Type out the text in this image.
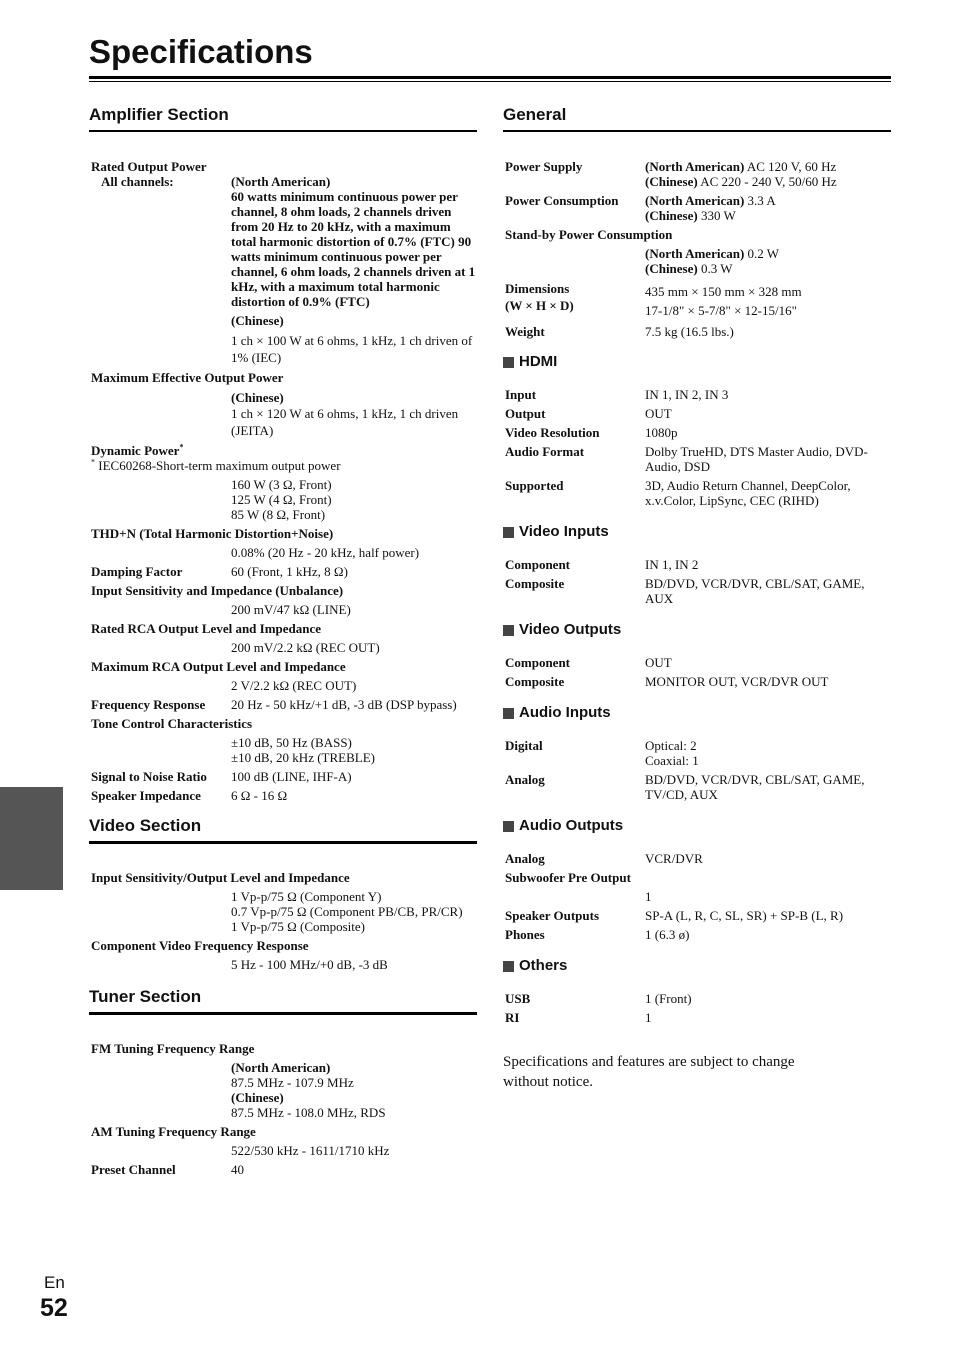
Specifications
Amplifier Section
Rated Output Power
All channels:	(North American)
60 watts minimum continuous power per channel, 8 ohm loads, 2 channels driven from 20 Hz to 20 kHz, with a maximum total harmonic distortion of 0.7% (FTC) 90 watts minimum continuous power per channel, 6 ohm loads, 2 channels driven at 1 kHz, with a maximum total harmonic distortion of 0.9% (FTC)
(Chinese)
1 ch × 100 W at 6 ohms, 1 kHz, 1 ch driven of 1% (IEC)
Maximum Effective Output Power
(Chinese)
1 ch × 120 W at 6 ohms, 1 kHz, 1 ch driven (JEITA)
Dynamic Power*
* IEC60268-Short-term maximum output power
160 W (3 Ω, Front)
125 W (4 Ω, Front)
85 W (8 Ω, Front)
THD+N (Total Harmonic Distortion+Noise)
0.08% (20 Hz - 20 kHz, half power)
Damping Factor	60 (Front, 1 kHz, 8 Ω)
Input Sensitivity and Impedance (Unbalance)
200 mV/47 kΩ (LINE)
Rated RCA Output Level and Impedance
200 mV/2.2 kΩ (REC OUT)
Maximum RCA Output Level and Impedance
2 V/2.2 kΩ (REC OUT)
Frequency Response	20 Hz - 50 kHz/+1 dB, -3 dB (DSP bypass)
Tone Control Characteristics
±10 dB, 50 Hz (BASS)
±10 dB, 20 kHz (TREBLE)
Signal to Noise Ratio	100 dB (LINE, IHF-A)
Speaker Impedance	6 Ω - 16 Ω
Video Section
Input Sensitivity/Output Level and Impedance
1 Vp-p/75 Ω (Component Y)
0.7 Vp-p/75 Ω (Component PB/CB, PR/CR)
1 Vp-p/75 Ω (Composite)
Component Video Frequency Response
5 Hz - 100 MHz/+0 dB, -3 dB
Tuner Section
FM Tuning Frequency Range
(North American)
87.5 MHz - 107.9 MHz
(Chinese)
87.5 MHz - 108.0 MHz, RDS
AM Tuning Frequency Range
522/530 kHz - 1611/1710 kHz
Preset Channel	40
General
Power Supply	(North American) AC 120 V, 60 Hz
(Chinese) AC 220 - 240 V, 50/60 Hz
Power Consumption	(North American) 3.3 A
(Chinese) 330 W
Stand-by Power Consumption
(North American) 0.2 W
(Chinese) 0.3 W
Dimensions
(W × H × D)
435 mm × 150 mm × 328 mm
17-1/8" × 5-7/8" × 12-15/16"
Weight	7.5 kg (16.5 lbs.)
HDMI
Input	IN 1, IN 2, IN 3
Output	OUT
Video Resolution	1080p
Audio Format	Dolby TrueHD, DTS Master Audio, DVD-Audio, DSD
Supported	3D, Audio Return Channel, DeepColor, x.v.Color, LipSync, CEC (RIHD)
Video Inputs
Component	IN 1, IN 2
Composite	BD/DVD, VCR/DVR, CBL/SAT, GAME, AUX
Video Outputs
Component	OUT
Composite	MONITOR OUT, VCR/DVR OUT
Audio Inputs
Digital	Optical: 2
Coaxial: 1
Analog	BD/DVD, VCR/DVR, CBL/SAT, GAME, TV/CD, AUX
Audio Outputs
Analog	VCR/DVR
Subwoofer Pre Output
1
Speaker Outputs	SP-A (L, R, C, SL, SR) + SP-B (L, R)
Phones	1 (6.3 ø)
Others
USB	1 (Front)
RI	1

Specifications and features are subject to change without notice.

En
52
